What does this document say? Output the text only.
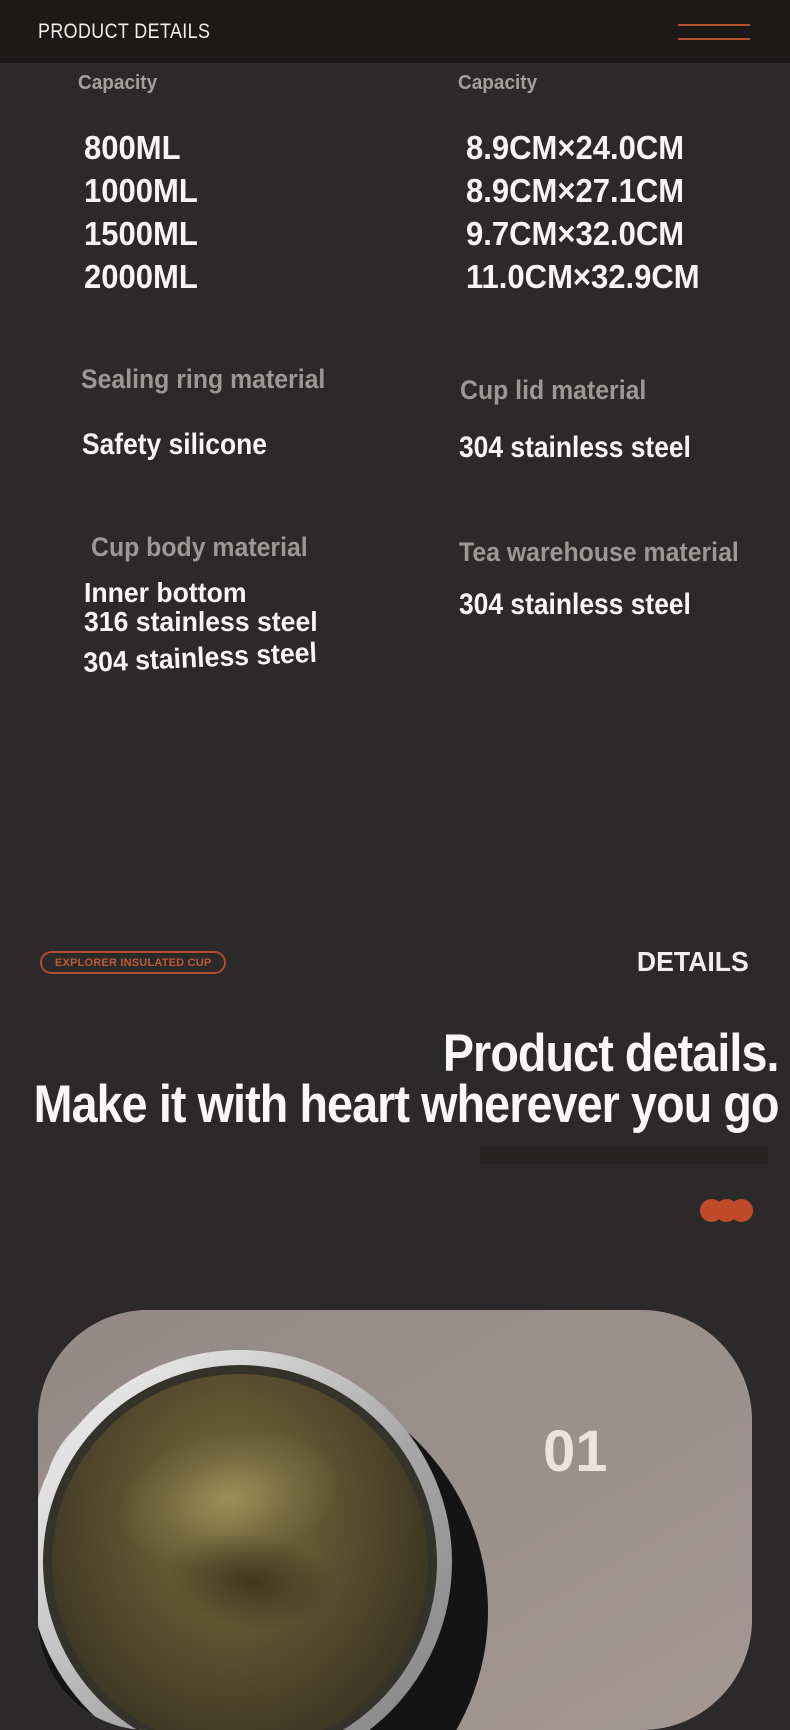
Capacity	Capacity
800ML
1000ML
1500ML
2000ML
8.9CM×24.0CM
8.9CM×27.1CM
9.7CM×32.0CM
11.0CM×32.9CM
Sealing ring material
Safety silicone
Cup lid material
304 stainless steel
Cup body material
Inner bottom
316 stainless steel
304 stainless steel
Tea warehouse material
304 stainless steel
PRODUCT DETAILS
EXPLORER INSULATED CUP	DETAILS
Product details.
Make it with heart wherever you go
01
